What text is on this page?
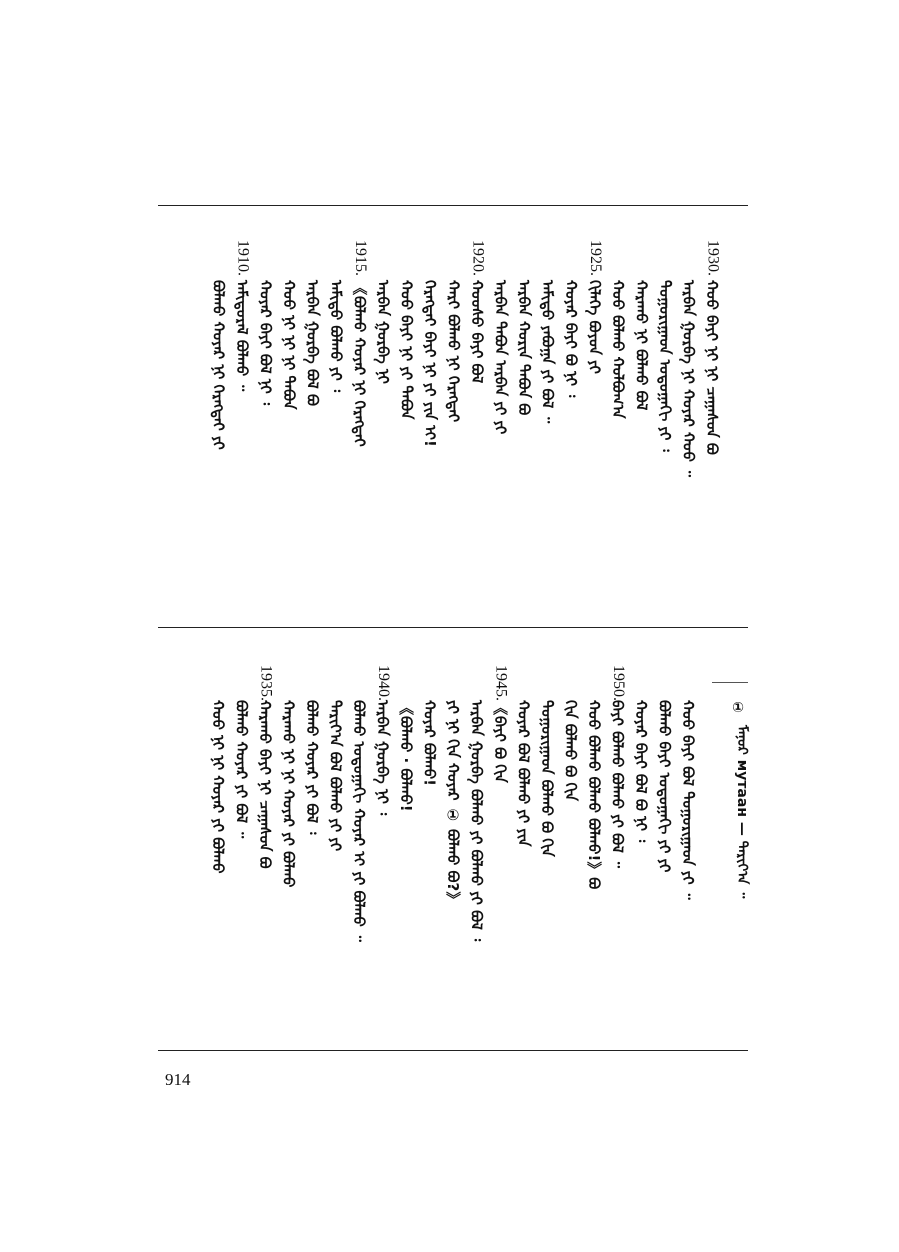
ᠬᠣᠣ ᠪᠠᠶᠢ ᠨᠢ ᠨᠢ ᠴᠠᠭᠠᠰᠤᠨ ᠪᠣ
ᠠᠷᠪᠠᠨ ᠭᠤᠷᠪᠠ ᠨᠢ ᠬᠣᠶᠠᠷ ᠬᠣᠣ ᠃
ᠲᠣᠭᠣᠷᠢᠭᠠᠳ ᠣᠳᠣᠭᠠᠬᠢ ᠶᠢ ᠄
ᠬᠠᠷᠠᠬᠣ ᠨᠢ ᠪᠣᠯᠬᠣ ᠪᠣᠯ
ᠬᠣᠣ ᠪᠣᠯᠬᠣ ᠬᠣᠯᠪᠣᠭ᠎ᠠ
ᠬᠢᠯᠡᠭᠡ ᠪᠣᠶᠣᠨ ᠶᠢ
ᠬᠣᠶᠠᠷ ᠪᠠᠶᠢ ᠪᠣ ᠨᠢ ᠄
ᠠᠮᠢᠳᠤ ᠶᠠᠪᠤᠭᠠ ᠶᠢ ᠪᠣᠯ ᠃
ᠠᠷᠪᠠᠨ ᠬᠣᠷᠢᠨ ᠲᠠᠪᠤᠨ ᠪᠣ
ᠠᠷᠪᠠᠨ ᠲᠠᠪᠤᠨ ᠠᠷᠪᠠᠨ ᠶᠢ ᠶᠢ
ᠬᠣᠣᠰᠣ ᠪᠠᠶᠢ ᠪᠣᠯ
ᠬᠠᠷᠢ ᠪᠣᠯᠬᠣ ᠨᠢ ᠬᠡᠷᠡᠭᠲᠡᠢ
ᠬᠡᠷᠡᠭᠲᠡᠢ ᠪᠠᠶᠢ ᠨᠢ ᠶᠢ ᠶᠢᠨ ᠢ!
ᠬᠣᠣ ᠪᠠᠶᠢ ᠨᠢ ᠶᠢ ᠲᠠᠪᠤᠨ
ᠠᠷᠪᠠᠨ ᠭᠤᠷᠪᠠ ᠨᠢ
《ᠪᠣᠯᠬᠣ ᠬᠣᠶᠠᠷ ᠨᠢ ᠬᠡᠷᠡᠭᠲᠡᠢ
ᠠᠮᠢᠳᠤ ᠪᠣᠯᠬᠣ ᠶᠢ ᠄
ᠠᠷᠪᠠᠨ ᠭᠤᠷᠪᠠ ᠪᠣᠯ ᠪᠣ
ᠬᠣᠣ ᠨᠢ ᠨᠢ ᠨᠢ ᠲᠠᠪᠤᠨ
ᠬᠣᠶᠠᠷ ᠪᠠᠶᠢ ᠪᠣᠯ ᠨᠢ ᠄
ᠠᠮᠢᠳᠤᠷᠠᠯ ᠪᠣᠯᠬᠣ ᠃
ᠪᠣᠯᠬᠣ ᠬᠣᠶᠠᠷ ᠨᠢ ᠬᠡᠷᠡᠭᠲᠡᠢ ᠶᠢ
1930.
1925.
1920.
1915.
1910.
ᠬᠣᠣ ᠪᠠᠶᠢ ᠪᠣᠯ ᠲᠣᠭᠣᠷᠢᠭᠠᠳ ᠶᠢ ᠃
ᠪᠣᠯᠬᠣ ᠪᠠᠶᠢ ᠣᠳᠣᠭᠠᠬᠢ ᠶᠢ ᠶᠢ
ᠬᠣᠶᠠᠷ ᠪᠠᠶᠢ ᠪᠣᠯ ᠪᠣ ᠨᠢ ᠄
ᠪᠠᠶᠢ ᠪᠣᠯᠬᠣ ᠪᠣᠯᠬᠣ ᠶᠢ ᠪᠣᠯ ᠃
ᠬᠣᠣ ᠪᠣᠯᠬᠣ ᠪᠣᠯᠬᠣ ᠪᠣᠯᠬᠣ!》ᠪᠣ
ᠬᠢᠨ ᠪᠣᠯᠬᠣ ᠪᠣ ᠬᠢᠨ
ᠲᠣᠭᠣᠷᠢᠭᠠᠳ ᠪᠣᠯᠬᠣ ᠪᠣ ᠬᠢᠨ
ᠬᠣᠶᠠᠷ ᠪᠣᠯ ᠪᠣᠯᠬᠣ ᠶᠢ ᠶᠢᠨ
《ᠪᠠᠶᠢ ᠪᠣ ᠬᠢᠨ
ᠠᠷᠪᠠᠨ ᠭᠤᠷᠪᠠ ᠪᠣᠯᠬᠣ ᠶᠢ ᠪᠣᠯᠬᠣ ᠶᠢ ᠪᠣᠯ ᠄
ᠶᠢ ᠨᠢ ᠬᠢᠨ ᠬᠣᠶᠠᠷ ① ᠪᠣᠯᠬᠣ ᠪᠣ?》
ᠬᠣᠶᠠᠷ ᠪᠣᠯᠬᠣ!
《ᠪᠣᠯᠬᠣ · ᠪᠣᠯᠬᠣ!
ᠠᠷᠪᠠᠨ ᠭᠤᠷᠪᠠ ᠨᠢ ᠄
ᠪᠣᠯᠬᠣ ᠣᠳᠣᠭᠠᠬᠢ ᠬᠣᠶᠠᠷ ᠢ ᠶᠢ ᠪᠣᠯᠬᠣ ᠃
ᠲᠠᠷᠢᠶ᠎ᠠ ᠪᠣᠯ ᠪᠣᠯᠬᠣ ᠶᠢ ᠶᠢ
ᠪᠣᠯᠬᠣ ᠬᠣᠶᠠᠷ ᠶᠢ ᠪᠣᠯ ᠄
ᠬᠠᠷᠠᠬᠣ ᠨᠢ ᠨᠢ ᠬᠣᠶᠠᠷ ᠶᠢ ᠪᠣᠯᠬᠣ
ᠬᠠᠷᠠᠬᠣ ᠪᠠᠶᠢ ᠨᠢ ᠴᠠᠭᠠᠰᠤᠨ ᠪᠣ
ᠪᠣᠯᠬᠣ ᠬᠣᠶᠠᠷ ᠶᠢ ᠪᠣᠯ ᠃
ᠬᠣᠣ ᠨᠢ ᠨᠢ ᠬᠣᠶᠠᠷ ᠶᠢ ᠪᠣᠯᠬᠣ
1950.
1945.
1940.
1935.
①
ᠮᠠᠨᠣᠷ мутаан — ᠲᠠᠷᠢᠶ᠎ᠠ ᠃
914
